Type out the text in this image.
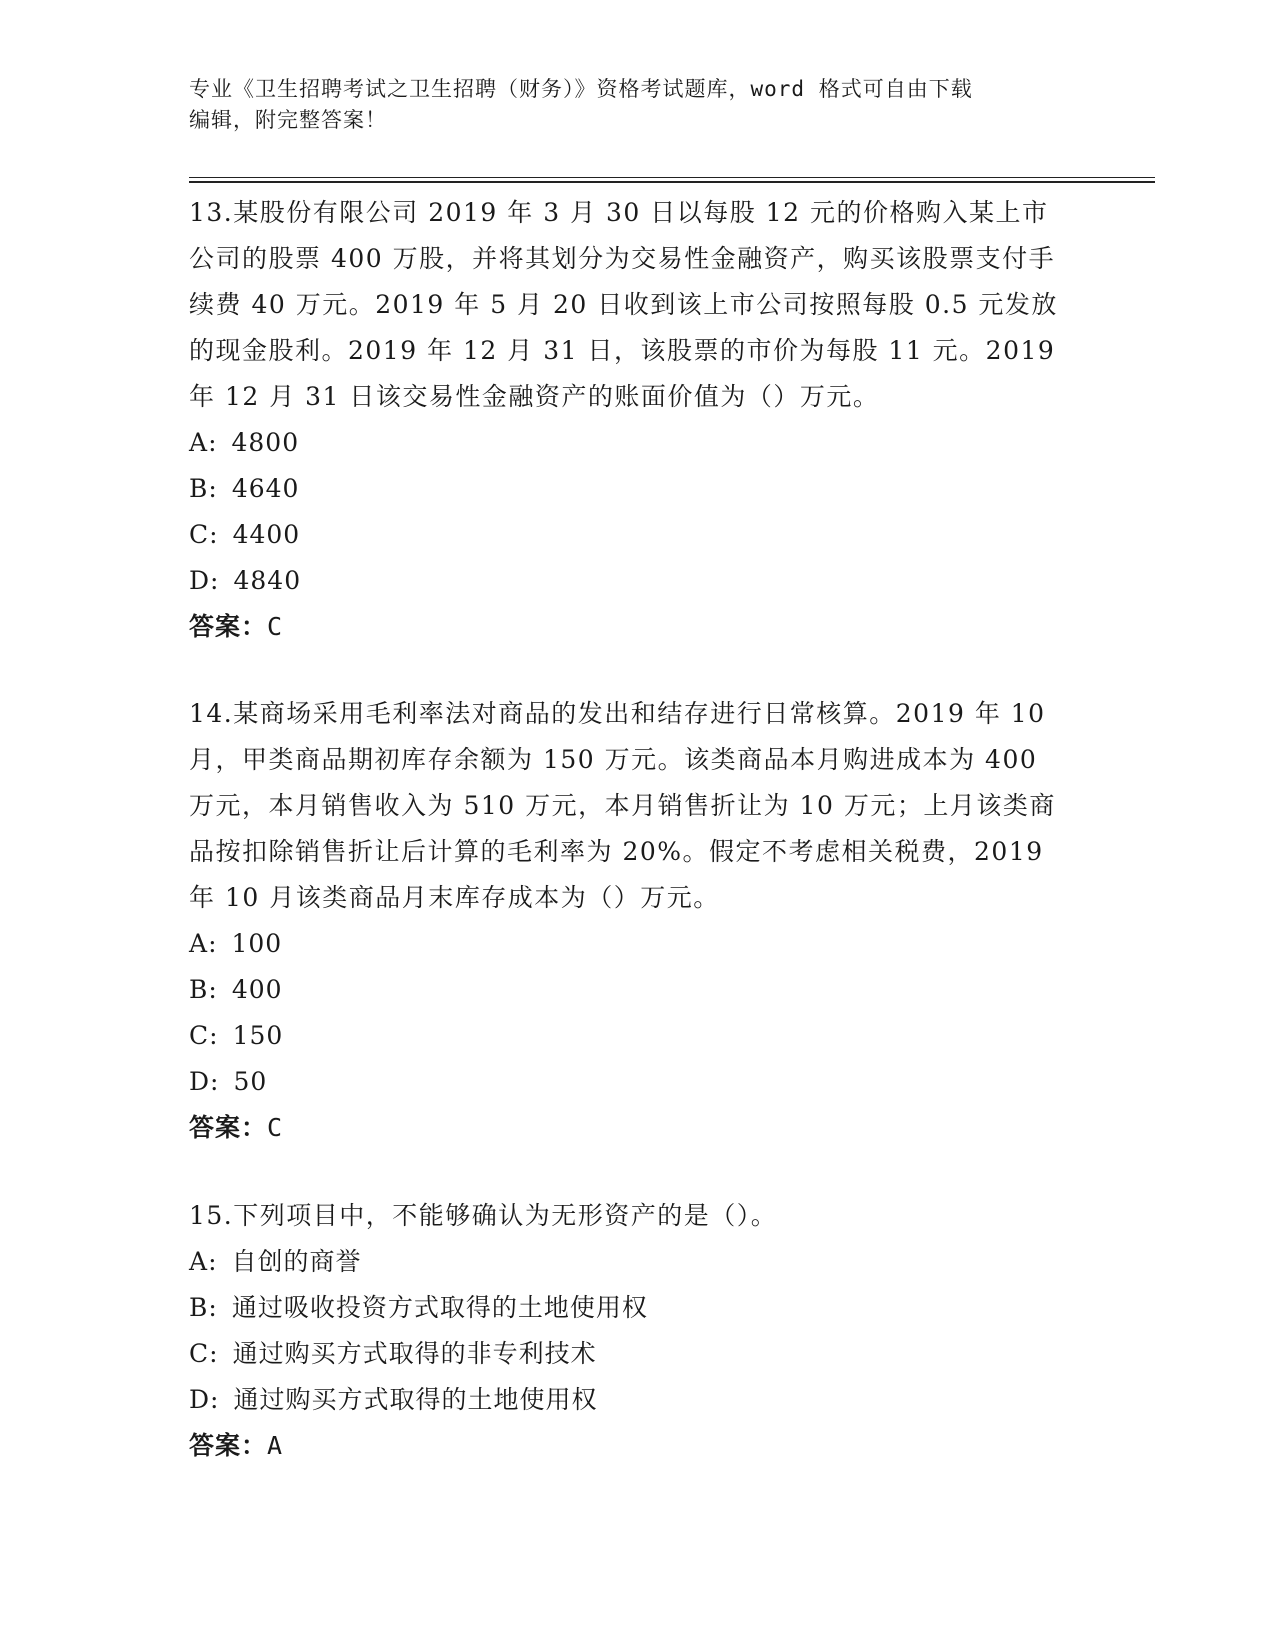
专业《卫生招聘考试之卫生招聘（财务）》资格考试题库，word 格式可自由下载
编辑，附完整答案！

13.某股份有限公司 2019 年 3 月 30 日以每股 12 元的价格购入某上市公司的股票 400 万股，并将其划分为交易性金融资产，购买该股票支付手续费 40 万元。2019 年 5 月 20 日收到该上市公司按照每股 0.5 元发放的现金股利。2019 年 12 月 31 日，该股票的市价为每股 11 元。2019 年 12 月 31 日该交易性金融资产的账面价值为（）万元。

A: 4800

B: 4640

C: 4400

D: 4840

答案：C

14.某商场采用毛利率法对商品的发出和结存进行日常核算。2019 年 10 月，甲类商品期初库存余额为 150 万元。该类商品本月购进成本为 400 万元，本月销售收入为 510 万元，本月销售折让为 10 万元；上月该类商品按扣除销售折让后计算的毛利率为 20%。假定不考虑相关税费，2019 年 10 月该类商品月末库存成本为（）万元。

A: 100

B: 400

C: 150

D: 50

答案：C

15.下列项目中，不能够确认为无形资产的是（）。

A: 自创的商誉

B: 通过吸收投资方式取得的土地使用权

C: 通过购买方式取得的非专利技术

D: 通过购买方式取得的土地使用权

答案：A
